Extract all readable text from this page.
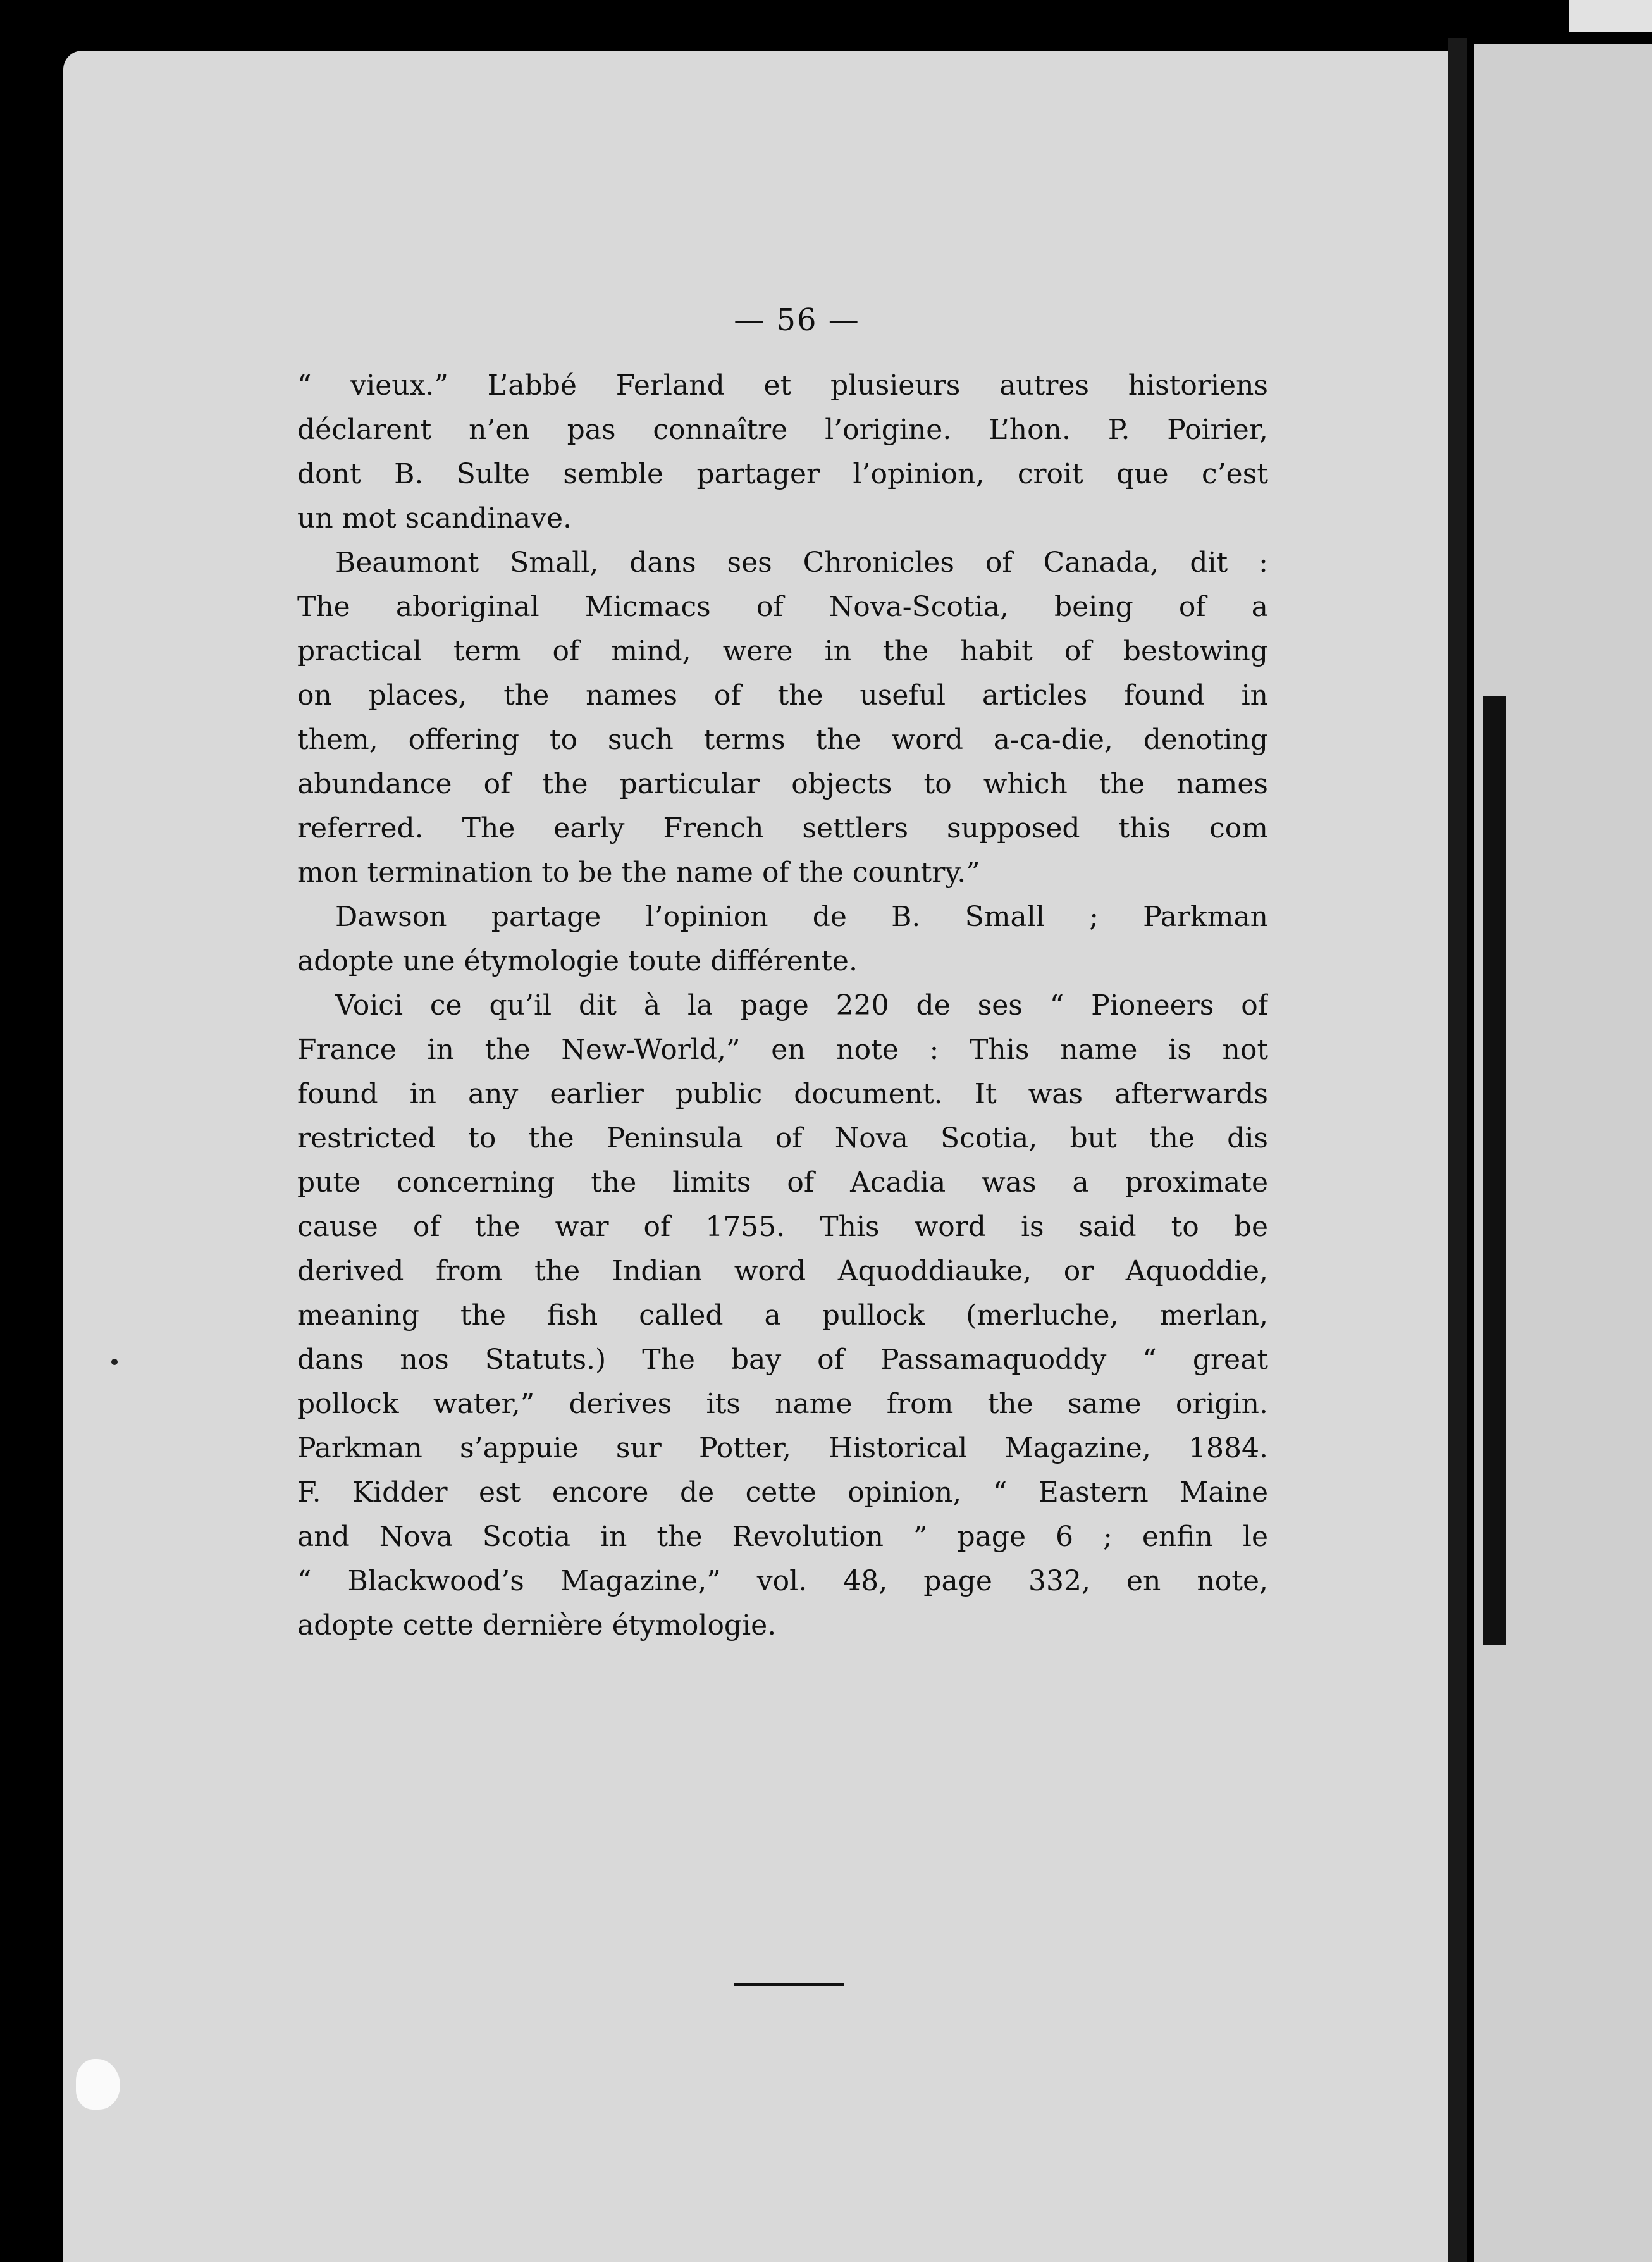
— 56 —
“ vieux.” L’abbé Ferland et plusieurs autres historiens
déclarent n’en pas connaître l’origine. L’hon. P. Poirier,
dont B. Sulte semble partager l’opinion, croit que c’est
un mot scandinave.
Beaumont Small, dans ses Chronicles of Canada, dit :
The aboriginal Micmacs of Nova-Scotia, being of a
practical term of mind, were in the habit of bestowing
on places, the names of the useful articles found in
them, offering to such terms the word a-ca-die, denoting
abundance of the particular objects to which the names
referred. The early French settlers supposed this com
mon termination to be the name of the country.”
Dawson partage l’opinion de B. Small ; Parkman
adopte une étymologie toute différente.
Voici ce qu’il dit à la page 220 de ses “ Pioneers of
France in the New-World,” en note : This name is not
found in any earlier public document. It was afterwards
restricted to the Peninsula of Nova Scotia, but the dis
pute concerning the limits of Acadia was a proximate
cause of the war of 1755. This word is said to be
derived from the Indian word Aquoddiauke, or Aquoddie,
meaning the fish called a pullock (merluche, merlan,
dans nos Statuts.) The bay of Passamaquoddy “ great
pollock water,” derives its name from the same origin.
Parkman s’appuie sur Potter, Historical Magazine, 1884.
F. Kidder est encore de cette opinion, “ Eastern Maine
and Nova Scotia in the Revolution ” page 6 ; enfin le
“ Blackwood’s Magazine,” vol. 48, page 332, en note,
adopte cette dernière étymologie.
